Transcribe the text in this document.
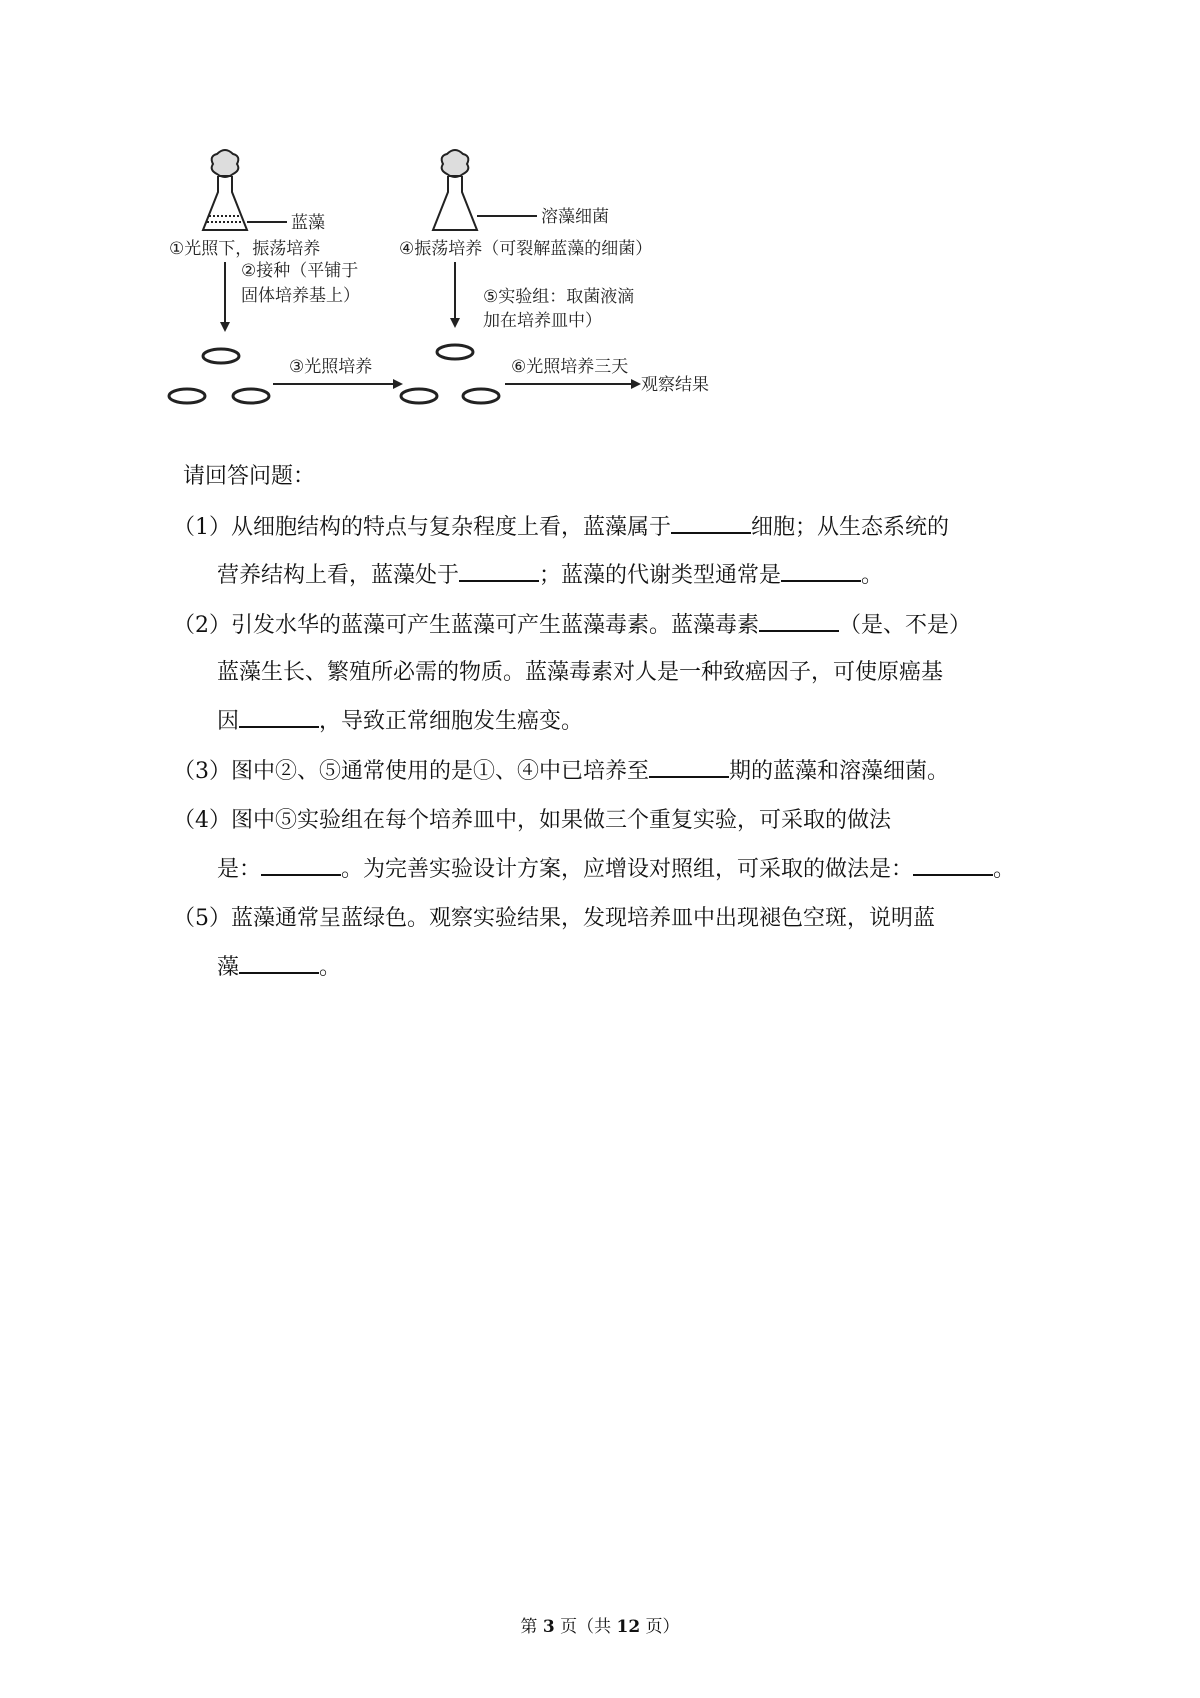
蓝藻
①光照下，振荡培养
②接种（平铺于
固体培养基上）
③光照培养
溶藻细菌
④振荡培养（可裂解蓝藻的细菌）
⑤实验组：取菌液滴
加在培养皿中）
⑥光照培养三天
观察结果
请回答问题：
（1）从细胞结构的特点与复杂程度上看，蓝藻属于	细胞；从生态系统的
营养结构上看，蓝藻处于	；蓝藻的代谢类型通常是	。
（2）引发水华的蓝藻可产生蓝藻可产生蓝藻毒素。蓝藻毒素	（是、不是）
蓝藻生长、繁殖所必需的物质。蓝藻毒素对人是一种致癌因子，可使原癌基
因	，导致正常细胞发生癌变。
（3）图中②、⑤通常使用的是①、④中已培养至	期的蓝藻和溶藻细菌。
（4）图中⑤实验组在每个培养皿中，如果做三个重复实验，可采取的做法
是：	。为完善实验设计方案，应增设对照组，可采取的做法是：	。
（5）蓝藻通常呈蓝绿色。观察实验结果，发现培养皿中出现褪色空斑，说明蓝
藻	。
第 3 页（共 12 页）
